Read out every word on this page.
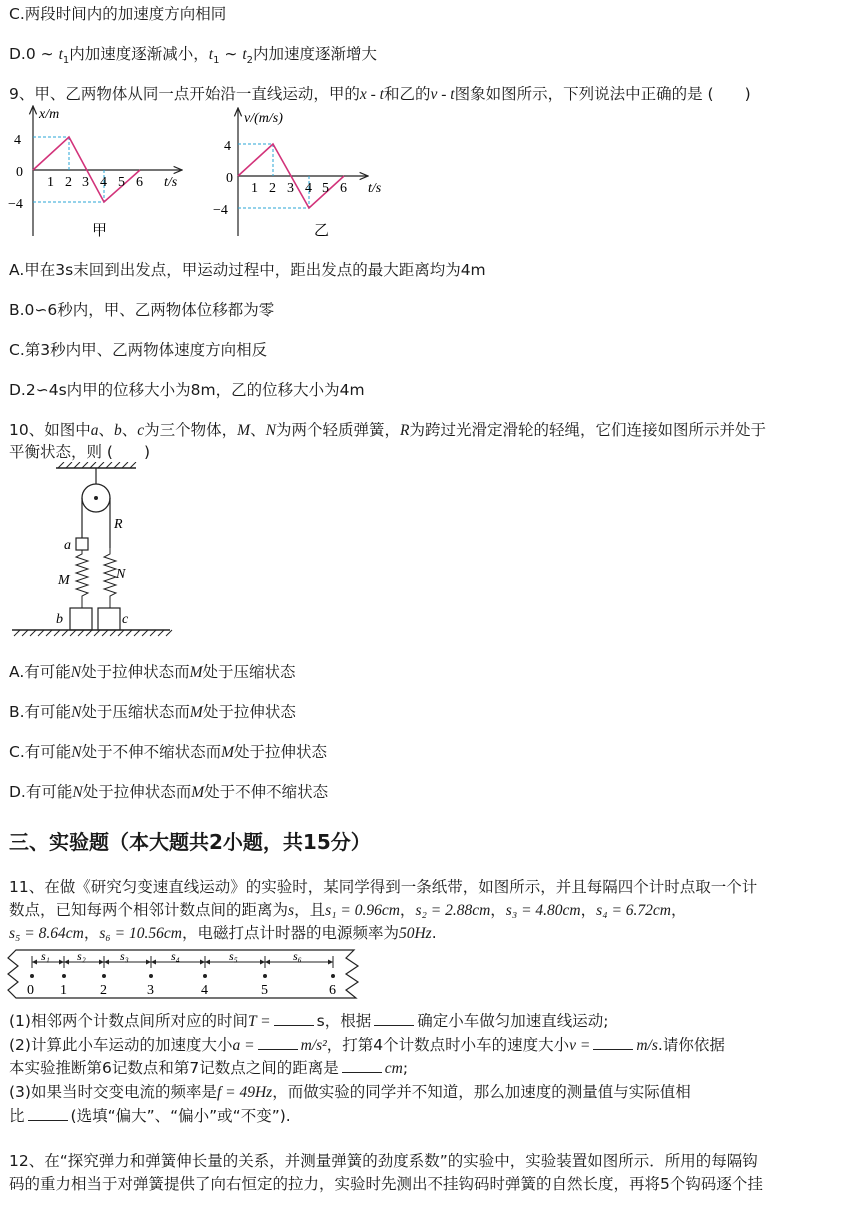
C.两段时间内的加速度方向相同
D.0 ∼ $t_1$内加速度逐渐减小，$t_1$ ∼ $t_2$内加速度逐渐增大
9、甲、乙两物体从同一点开始沿一直线运动，甲的x - t和乙的v - t图象如图所示，下列说法中正确的是 (　　)
x/m
4
0
−4
1 2 3 4 5 6 t/s
甲
v/(m/s)
4
0
−4
1 2 3 4 5 6 t/s
乙
A.甲在3s末回到出发点，甲运动过程中，距出发点的最大距离均为4m
B.0∽6秒内，甲、乙两物体位移都为零
C.第3秒内甲、乙两物体速度方向相反
D.2∽4s内甲的位移大小为8m，乙的位移大小为4m
10、如图中a、b、c为三个物体，M、N为两个轻质弹簧，R为跨过光滑定滑轮的轻绳，它们连接如图所示并处于
平衡状态，则 (　　)
R
a
M	N
b	c
A.有可能N处于拉伸状态而M处于压缩状态
B.有可能N处于压缩状态而M处于拉伸状态
C.有可能N处于不伸不缩状态而M处于拉伸状态
D.有可能N处于拉伸状态而M处于不伸不缩状态
三、实验题（本大题共2小题，共15分）
11、在做《研究匀变速直线运动》的实验时，某同学得到一条纸带，如图所示，并且每隔四个计时点取一个计
数点，已知每两个相邻计数点间的距离为s，且s₁ = 0.96cm，s₂ = 2.88cm，s₃ = 4.80cm，s₄ = 6.72cm，
s₅ = 8.64cm，s₆ = 10.56cm，电磁打点计时器的电源频率为50Hz.
s₁ s₂	s₃	s₄	s₅	s₆
0 1 2	3	4	5	6
(1)相邻两个计数点间所对应的时间T =	s，根据	确定小车做匀加速直线运动;
(2)计算此小车运动的加速度大小a =	m/s²，打第4个计数点时小车的速度大小v =	m/s.请你依据
本实验推断第6记数点和第7记数点之间的距离是	cm;
(3)如果当时交变电流的频率是f = 49Hz，而做实验的同学并不知道，那么加速度的测量值与实际值相
比	(选填“偏大”、“偏小”或“不变”).
12、在“探究弹力和弹簧伸长量的关系，并测量弹簧的劲度系数”的实验中，实验装置如图所示．所用的每隔钩
码的重力相当于对弹簧提供了向右恒定的拉力，实验时先测出不挂钩码时弹簧的自然长度，再将5个钩码逐个挂
